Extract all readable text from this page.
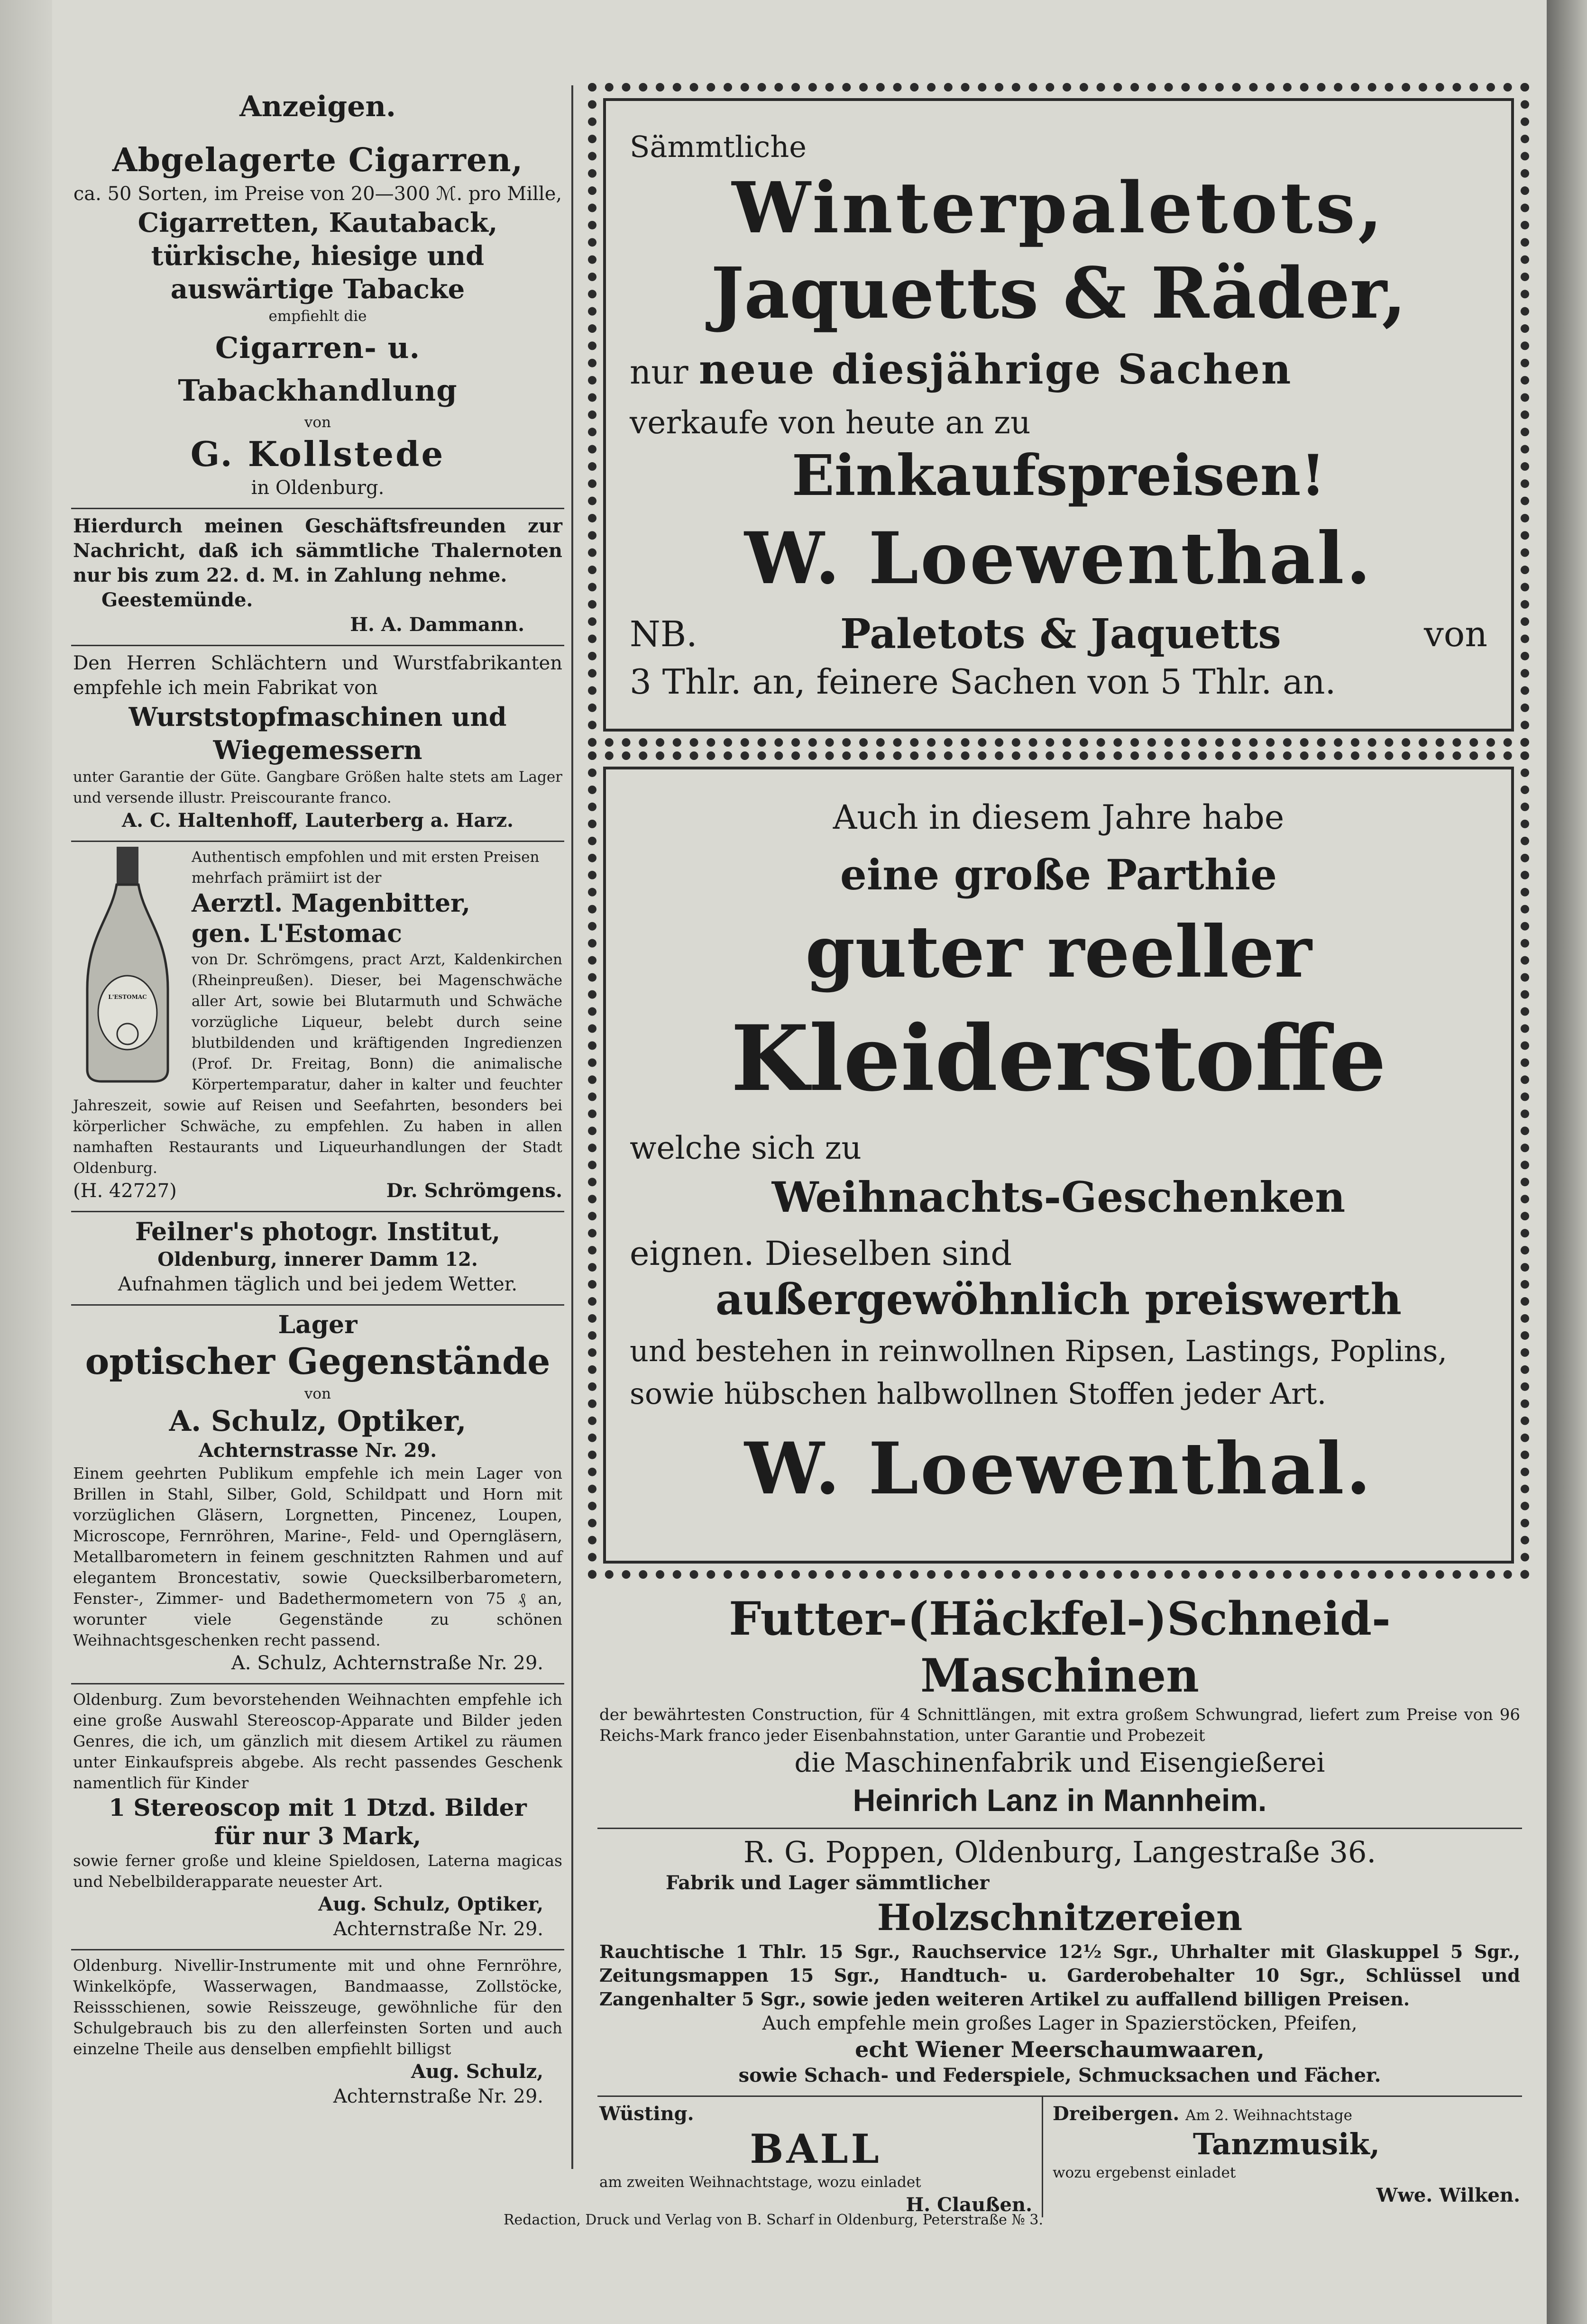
Anzeigen.
Abgelagerte Cigarren,
ca. 50 Sorten, im Preise von 20—300 ℳ. pro Mille,
Cigarretten, Kautaback,
türkische, hiesige und
auswärtige Tabacke
empfiehlt die
Cigarren- u. Tabackhandlung
von
G. Kollstede
in Oldenburg.
Hierdurch meinen Geschäftsfreunden zur Nachricht, daß ich sämmtliche Thalernoten nur bis zum 22. d. M. in Zahlung nehme.
Geestemünde.
H. A. Dammann.
Den Herren Schlächtern und Wurstfabrikanten empfehle ich mein Fabrikat von
Wurststopfmaschinen und Wiegemessern
unter Garantie der Güte. Gangbare Größen halte stets am Lager und versende illustr. Preiscourante franco.
A. C. Haltenhoff, Lauterberg a. Harz.
L'ESTOMAC
Authentisch empfohlen und mit ersten Preisen mehrfach prämiirt ist der
Aerztl. Magenbitter,
gen. L'Estomac
von Dr. Schrömgens, pract Arzt, Kaldenkirchen (Rheinpreußen). Dieser, bei Magenschwäche aller Art, sowie bei Blutarmuth und Schwäche vorzügliche Liqueur, belebt durch seine blutbildenden und kräftigenden Ingredienzen (Prof. Dr. Freitag, Bonn) die animalische Körpertemparatur, daher in kalter und feuchter Jahreszeit, sowie auf Reisen und Seefahrten, besonders bei körperlicher Schwäche, zu empfehlen. Zu haben in allen namhaften Restaurants und Liqueurhandlungen der Stadt Oldenburg.
(H. 42727)	Dr. Schrömgens.
Feilner's photogr. Institut,
Oldenburg, innerer Damm 12.
Aufnahmen täglich und bei jedem Wetter.
Lager
optischer Gegenstände
von
A. Schulz, Optiker,
Achternstrasse Nr. 29.
Einem geehrten Publikum empfehle ich mein Lager von Brillen in Stahl, Silber, Gold, Schildpatt und Horn mit vorzüglichen Gläsern, Lorgnetten, Pincenez, Loupen, Microscope, Fernröhren, Marine-, Feld- und Operngläsern, Metallbarometern in feinem geschnitzten Rahmen und auf elegantem Broncestativ, sowie Quecksilberbarometern, Fenster-, Zimmer- und Badethermometern von 75 ₰ an, worunter viele Gegenstände zu schönen Weihnachtsgeschenken recht passend.
A. Schulz, Achternstraße Nr. 29.
Oldenburg. Zum bevorstehenden Weihnachten empfehle ich eine große Auswahl Stereoscop-Apparate und Bilder jeden Genres, die ich, um gänzlich mit diesem Artikel zu räumen unter Einkaufspreis abgebe. Als recht passendes Geschenk namentlich für Kinder
1 Stereoscop mit 1 Dtzd. Bilder
für nur 3 Mark,
sowie ferner große und kleine Spieldosen, Laterna magicas und Nebelbilderapparate neuester Art.
Aug. Schulz, Optiker,
Achternstraße Nr. 29.
Oldenburg. Nivellir-Instrumente mit und ohne Fernröhre, Winkelköpfe, Wasserwagen, Bandmaasse, Zollstöcke, Reissschienen, sowie Reisszeuge, gewöhnliche für den Schulgebrauch bis zu den allerfeinsten Sorten und auch einzelne Theile aus denselben empfiehlt billigst
Aug. Schulz,
Achternstraße Nr. 29.
Sämmtliche
Winterpaletots,
Jaquetts & Räder,
nur neue diesjährige Sachen
verkaufe von heute an zu
Einkaufspreisen!
W. Loewenthal.
NB.	Paletots & Jaquetts	von
3 Thlr. an, feinere Sachen von 5 Thlr. an.
Auch in diesem Jahre habe
eine große Parthie
guter reeller
Kleiderstoffe
welche sich zu
Weihnachts-Geschenken
eignen. Dieselben sind
außergewöhnlich preiswerth
und bestehen in reinwollnen Ripsen, Lastings, Poplins,
sowie hübschen halbwollnen Stoffen jeder Art.
W. Loewenthal.
Futter-(Häckfel-)Schneid-Maschinen
der bewährtesten Construction, für 4 Schnittlängen, mit extra großem Schwungrad, liefert zum Preise von 96 Reichs-Mark franco jeder Eisenbahnstation, unter Garantie und Probezeit
die Maschinenfabrik und Eisengießerei
Heinrich Lanz in Mannheim.
R. G. Poppen, Oldenburg, Langestraße 36.
Fabrik und Lager sämmtlicher
Holzschnitzereien
Rauchtische 1 Thlr. 15 Sgr., Rauchservice 12½ Sgr., Uhrhalter mit Glaskuppel 5 Sgr., Zeitungsmappen 15 Sgr., Handtuch- u. Garderobehalter 10 Sgr., Schlüssel und Zangenhalter 5 Sgr., sowie jeden weiteren Artikel zu auffallend billigen Preisen.
Auch empfehle mein großes Lager in Spazierstöcken, Pfeifen,
echt Wiener Meerschaumwaaren,
sowie Schach- und Federspiele, Schmucksachen und Fächer.
Wüsting.
BALL
am zweiten Weihnachtstage, wozu einladet
H. Claußen.
Dreibergen. Am 2. Weihnachtstage
Tanzmusik,
wozu ergebenst einladet
Wwe. Wilken.
Redaction, Druck und Verlag von B. Scharf in Oldenburg, Peterstraße № 3.
